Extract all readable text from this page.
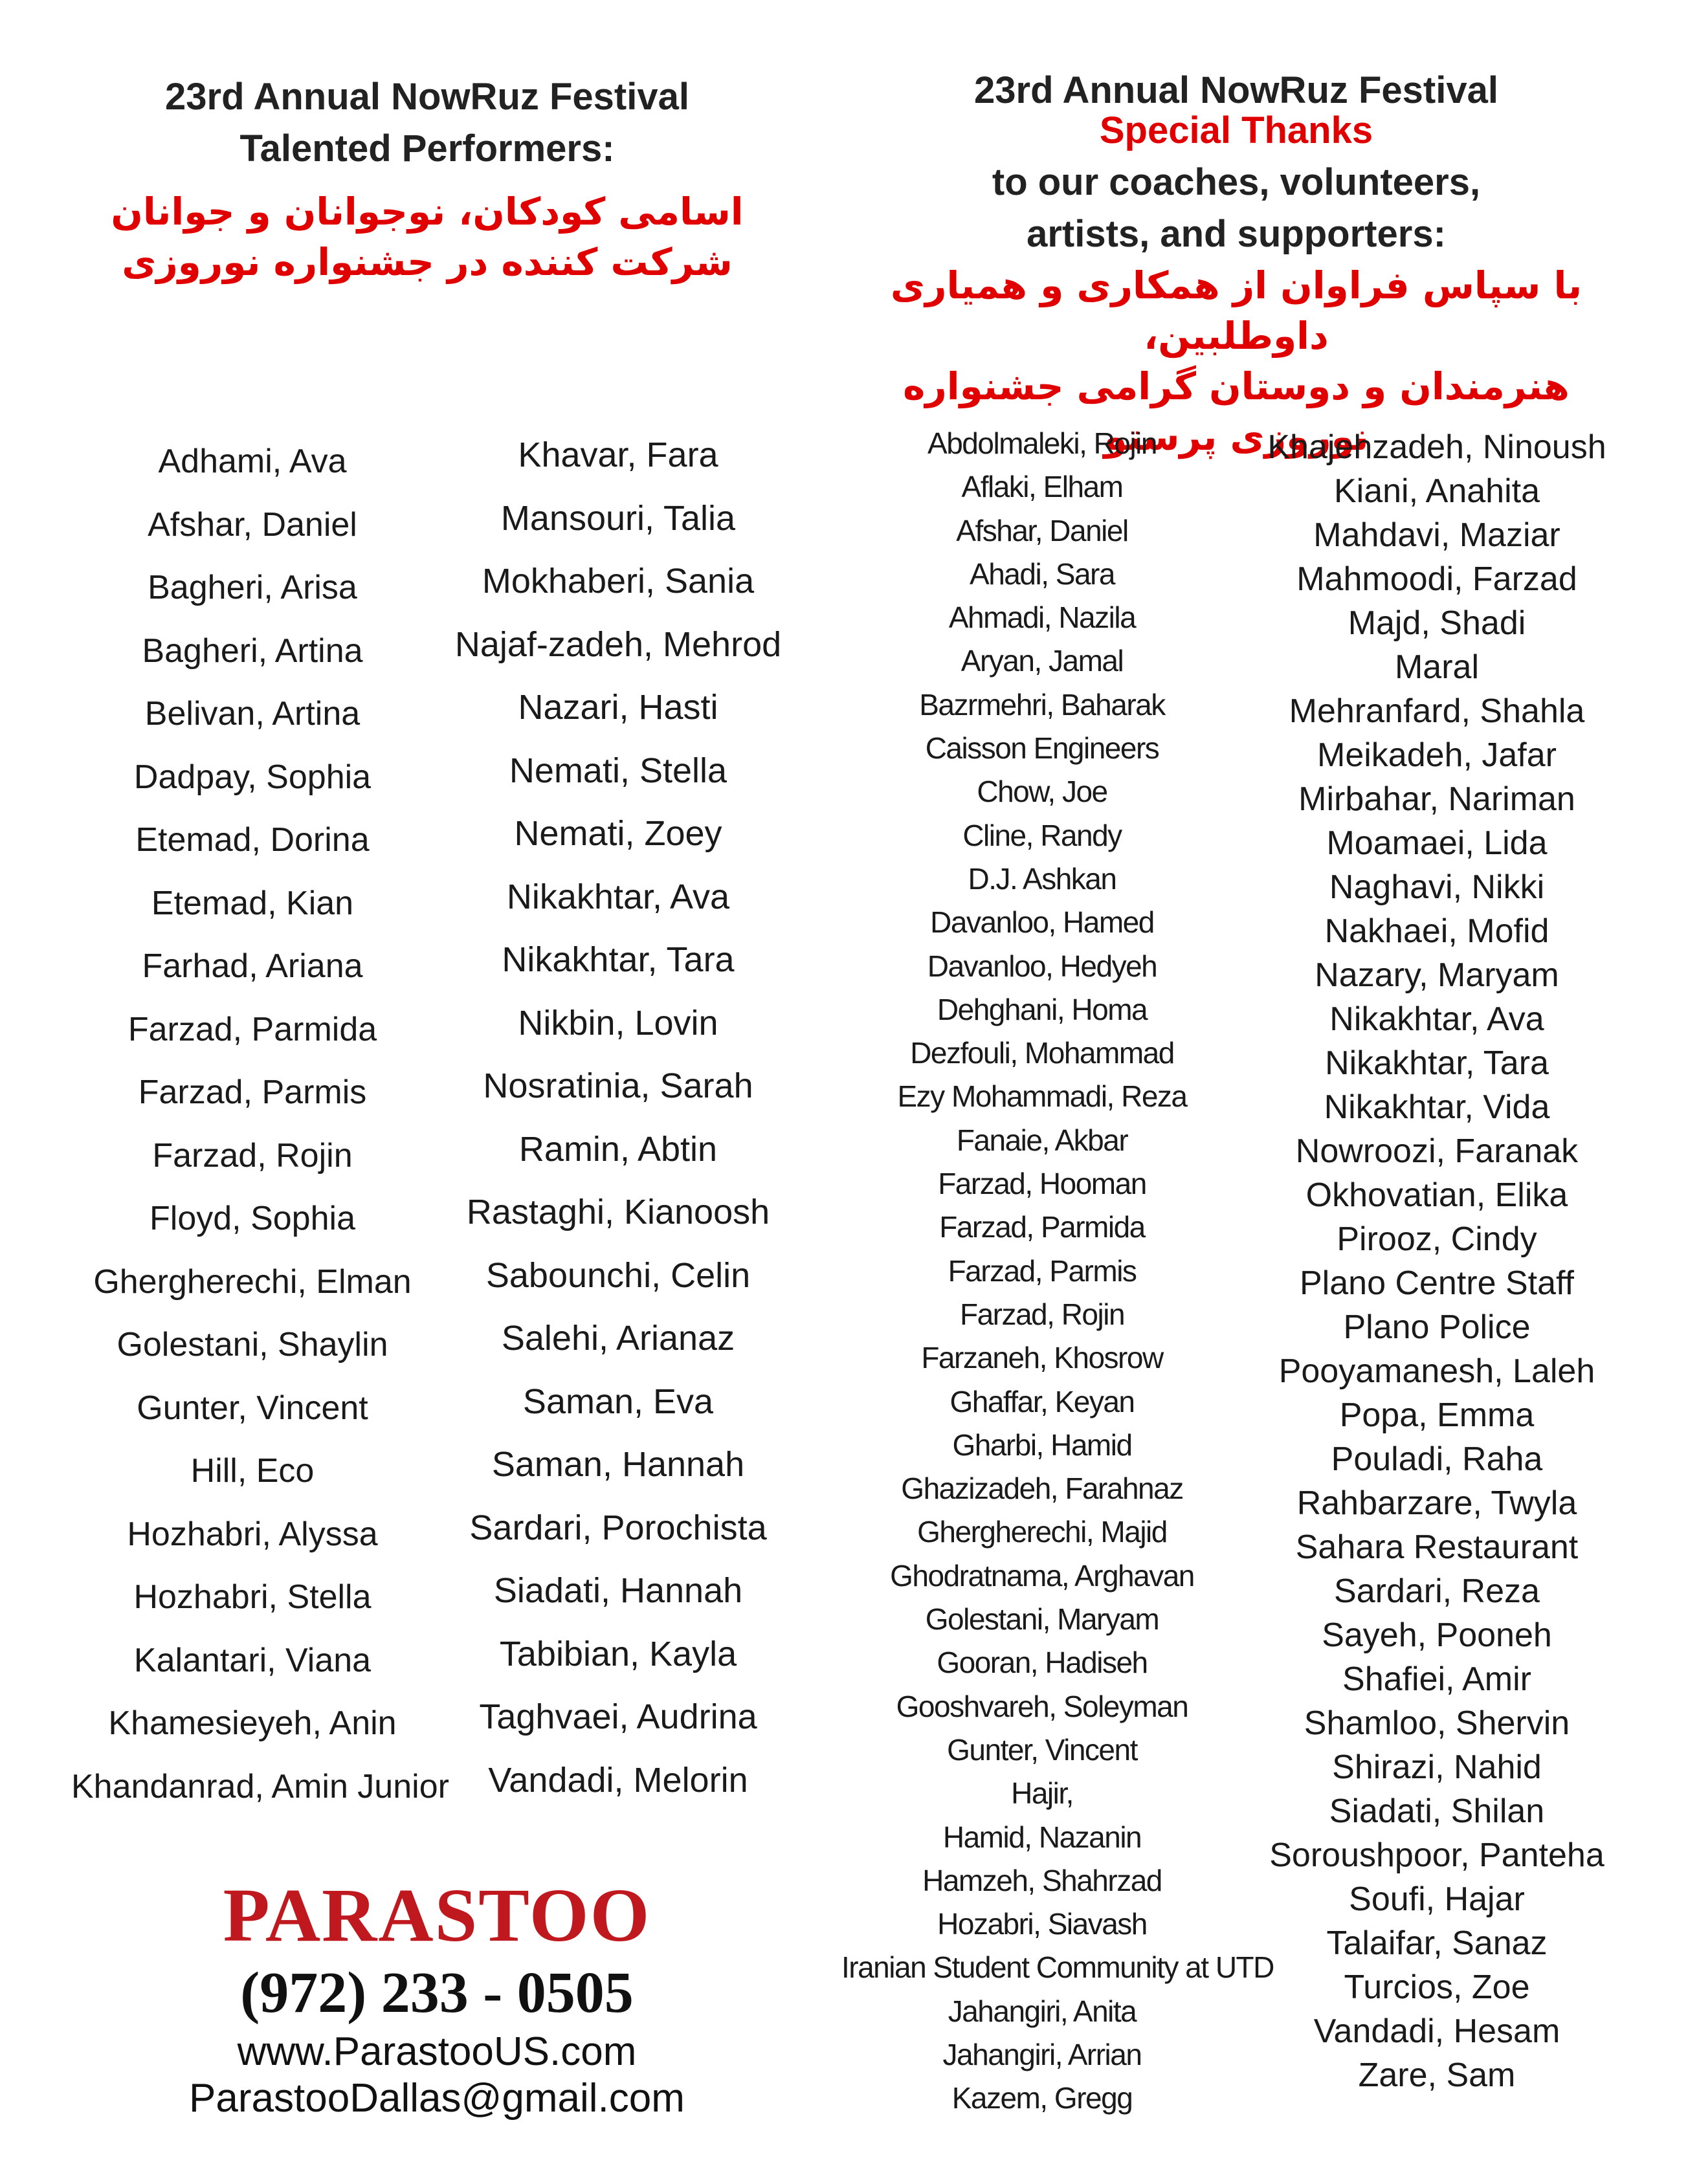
23rd Annual NowRuz Festival
Talented Performers:
اسامی کودکان، نوجوانان و جوانان
شرکت کننده در جشنواره نوروزی
23rd Annual NowRuz Festival
Special Thanks
to our coaches, volunteers,
artists, and supporters:
با سپاس فراوان از همکاری و همیاری داوطلبین،
هنرمندان و دوستان گرامی جشنواره نوروزی پرستو
Adhami, Ava
Afshar, Daniel
Bagheri, Arisa
Bagheri, Artina
Belivan, Artina
Dadpay, Sophia
Etemad, Dorina
Etemad, Kian
Farhad, Ariana
Farzad, Parmida
Farzad, Parmis
Farzad, Rojin
Floyd, Sophia
Ghergherechi, Elman
Golestani, Shaylin
Gunter, Vincent
Hill, Eco
Hozhabri, Alyssa
Hozhabri, Stella
Kalantari, Viana
Khamesieyeh, Anin
Khandanrad, Amin Junior
Khavar, Fara
Mansouri, Talia
Mokhaberi, Sania
Najaf-zadeh, Mehrod
Nazari, Hasti
Nemati, Stella
Nemati, Zoey
Nikakhtar, Ava
Nikakhtar, Tara
Nikbin, Lovin
Nosratinia, Sarah
Ramin, Abtin
Rastaghi, Kianoosh
Sabounchi, Celin
Salehi, Arianaz
Saman, Eva
Saman, Hannah
Sardari, Porochista
Siadati, Hannah
Tabibian, Kayla
Taghvaei, Audrina
Vandadi, Melorin
Abdolmaleki, Rojin
Aflaki, Elham
Afshar, Daniel
Ahadi, Sara
Ahmadi, Nazila
Aryan, Jamal
Bazrmehri, Baharak
Caisson Engineers
Chow, Joe
Cline, Randy
D.J. Ashkan
Davanloo, Hamed
Davanloo, Hedyeh
Dehghani, Homa
Dezfouli, Mohammad
Ezy Mohammadi, Reza
Fanaie, Akbar
Farzad, Hooman
Farzad, Parmida
Farzad, Parmis
Farzad, Rojin
Farzaneh, Khosrow
Ghaffar, Keyan
Gharbi, Hamid
Ghazizadeh, Farahnaz
Ghergherechi, Majid
Ghodratnama, Arghavan
Golestani, Maryam
Gooran, Hadiseh
Gooshvareh, Soleyman
Gunter, Vincent
Hajir,
Hamid, Nazanin
Hamzeh, Shahrzad
Hozabri, Siavash
Iranian Student Community at UTD
Jahangiri, Anita
Jahangiri, Arrian
Kazem, Gregg
Khajehzadeh, Ninoush
Kiani, Anahita
Mahdavi, Maziar
Mahmoodi, Farzad
Majd, Shadi
Maral
Mehranfard, Shahla
Meikadeh, Jafar
Mirbahar, Nariman
Moamaei, Lida
Naghavi, Nikki
Nakhaei, Mofid
Nazary, Maryam
Nikakhtar, Ava
Nikakhtar, Tara
Nikakhtar, Vida
Nowroozi, Faranak
Okhovatian, Elika
Pirooz, Cindy
Plano Centre Staff
Plano Police
Pooyamanesh, Laleh
Popa, Emma
Pouladi, Raha
Rahbarzare, Twyla
Sahara Restaurant
Sardari, Reza
Sayeh, Pooneh
Shafiei, Amir
Shamloo, Shervin
Shirazi, Nahid
Siadati, Shilan
Soroushpoor, Panteha
Soufi, Hajar
Talaifar, Sanaz
Turcios, Zoe
Vandadi, Hesam
Zare, Sam
PARASTOO
(972) 233 - 0505
www.ParastooUS.com
ParastooDallas@gmail.com
